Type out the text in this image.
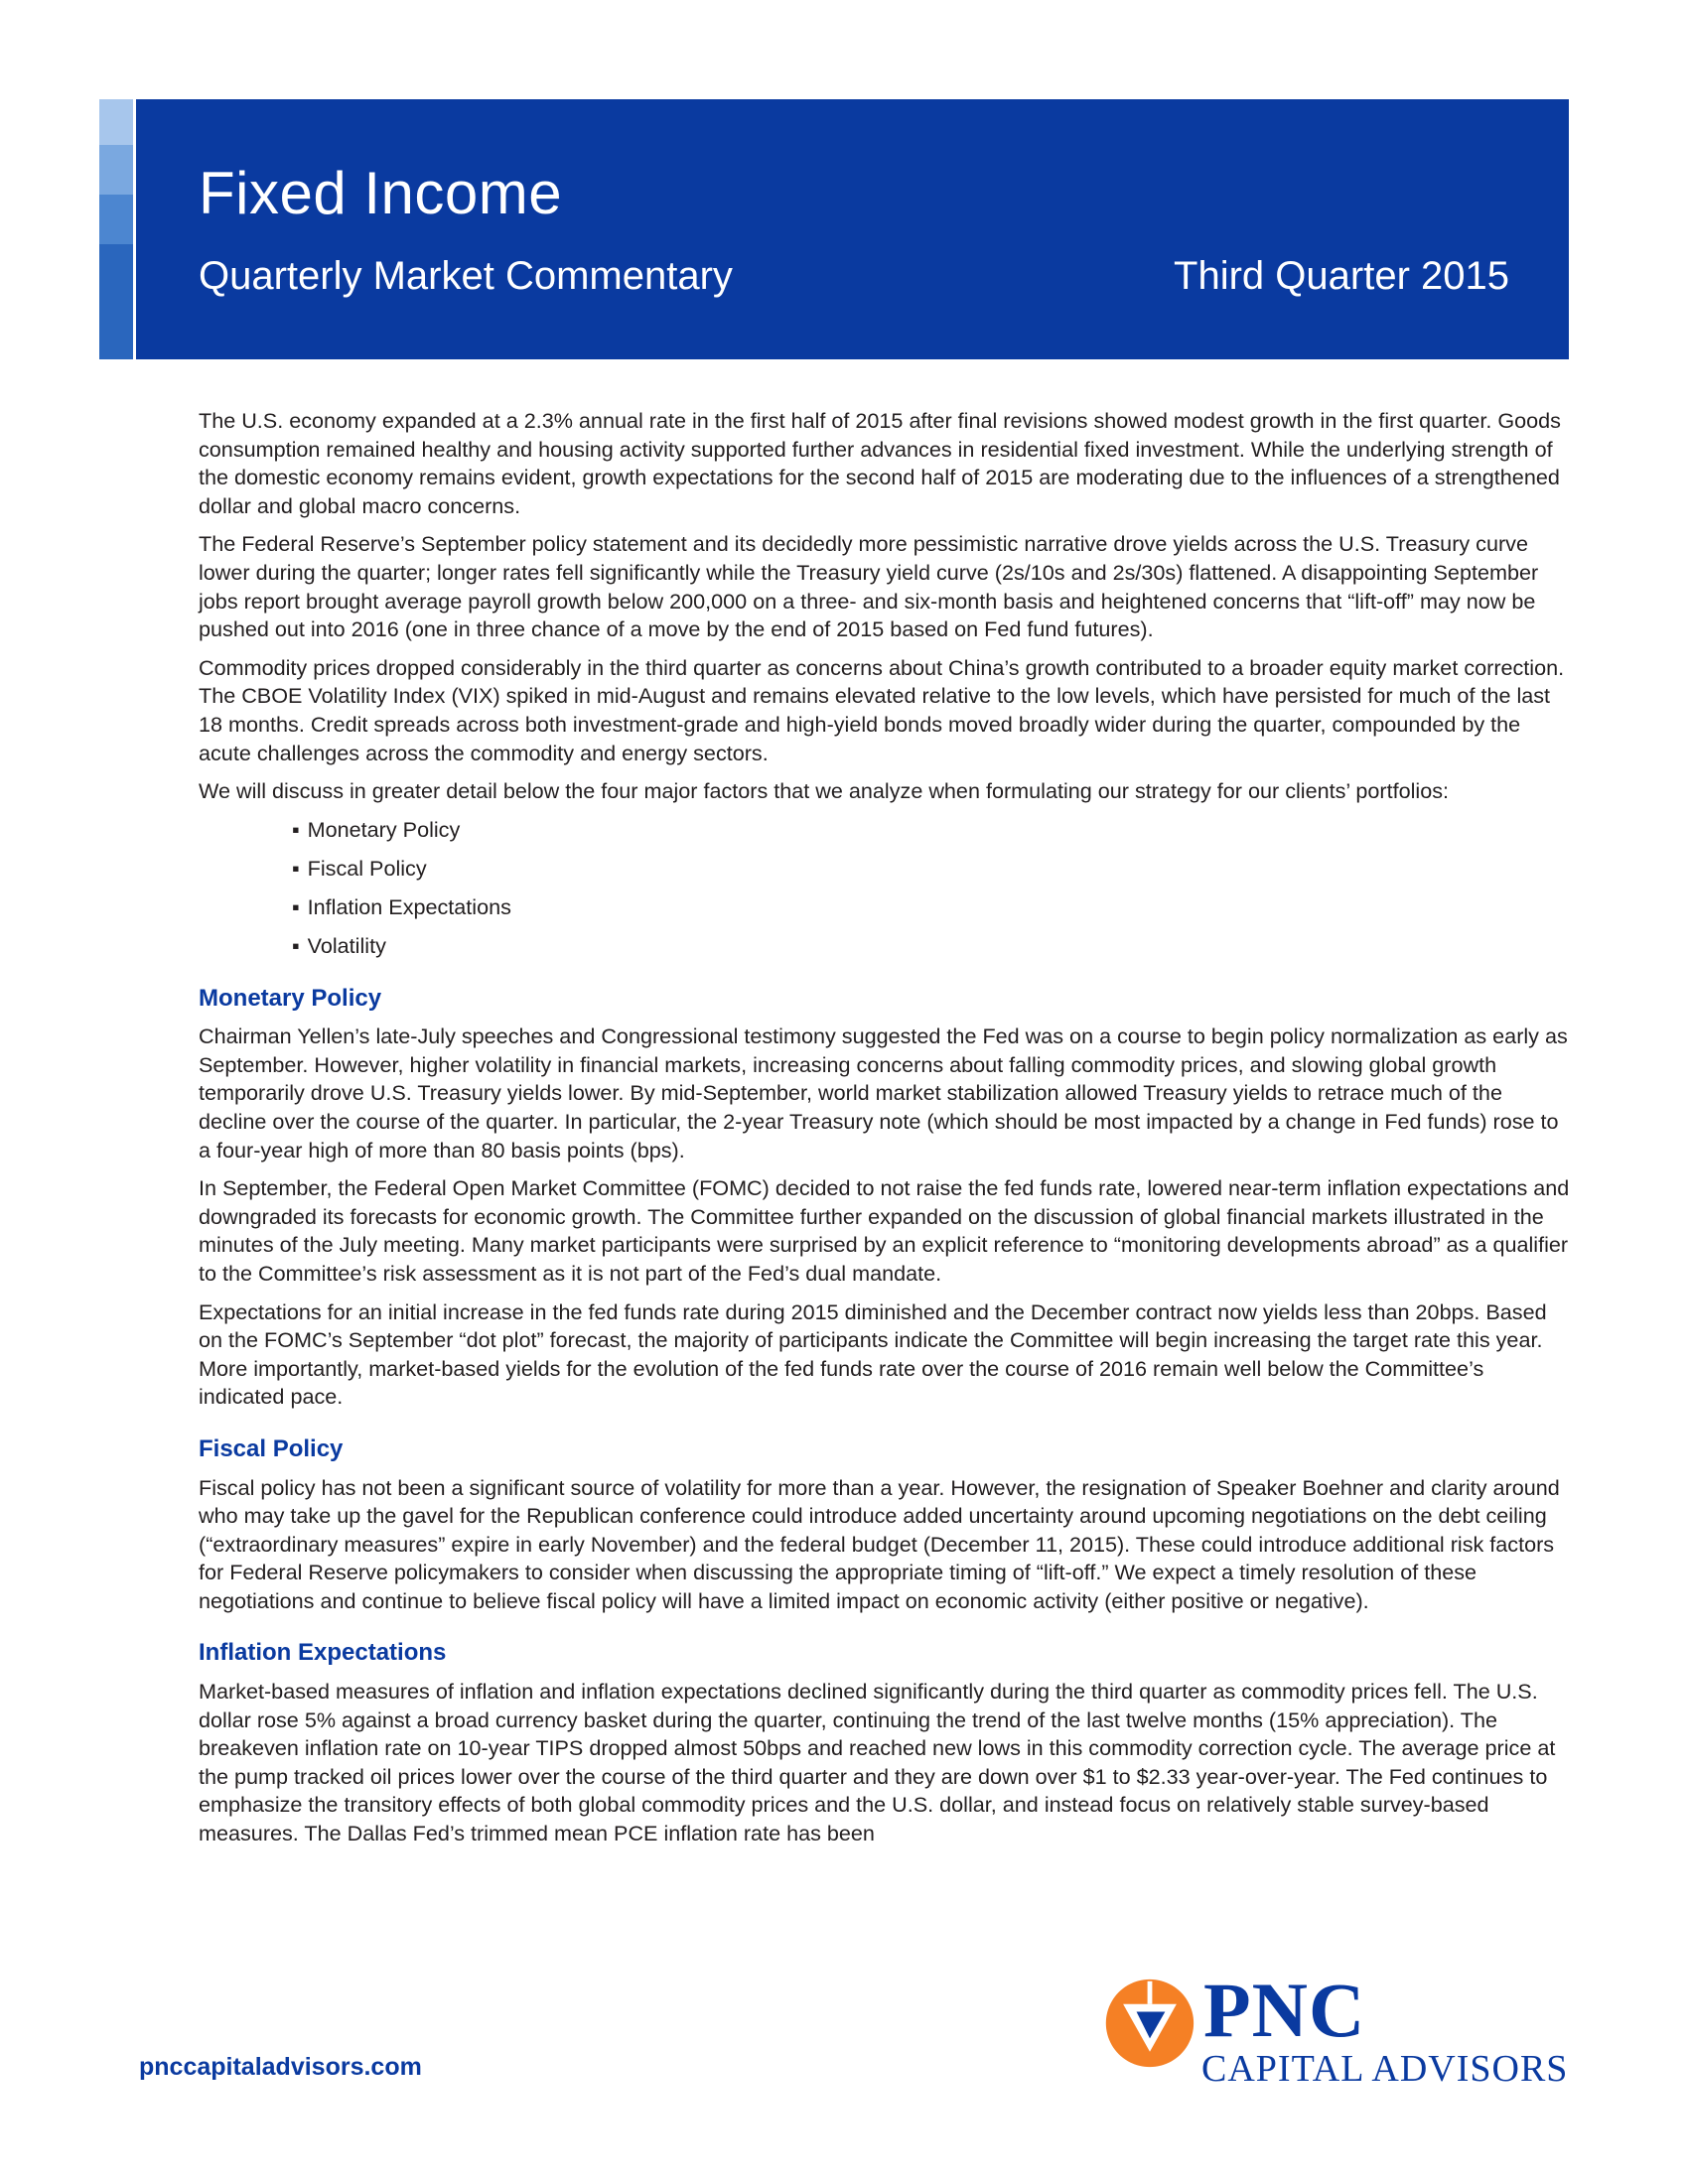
Fixed Income
Quarterly Market Commentary	Third Quarter 2015

The U.S. economy expanded at a 2.3% annual rate in the first half of 2015 after final revisions showed modest growth in the first quarter. Goods consumption remained healthy and housing activity supported further advances in residential fixed investment. While the underlying strength of the domestic economy remains evident, growth expectations for the second half of 2015 are moderating due to the influences of a strengthened dollar and global macro concerns.

The Federal Reserve’s September policy statement and its decidedly more pessimistic narrative drove yields across the U.S. Treasury curve lower during the quarter; longer rates fell significantly while the Treasury yield curve (2s/10s and 2s/30s) flattened. A disappointing September jobs report brought average payroll growth below 200,000 on a three- and six-month basis and heightened concerns that “lift-off” may now be pushed out into 2016 (one in three chance of a move by the end of 2015 based on Fed fund futures).

Commodity prices dropped considerably in the third quarter as concerns about China’s growth contributed to a broader equity market correction. The CBOE Volatility Index (VIX) spiked in mid-August and remains elevated relative to the low levels, which have persisted for much of the last 18 months. Credit spreads across both investment-grade and high-yield bonds moved broadly wider during the quarter, compounded by the acute challenges across the commodity and energy sectors.

We will discuss in greater detail below the four major factors that we analyze when formulating our strategy for our clients’ portfolios:

▪ Monetary Policy
▪ Fiscal Policy
▪ Inflation Expectations
▪ Volatility
Monetary Policy

Chairman Yellen’s late-July speeches and Congressional testimony suggested the Fed was on a course to begin policy normalization as early as September. However, higher volatility in financial markets, increasing concerns about falling commodity prices, and slowing global growth temporarily drove U.S. Treasury yields lower. By mid-September, world market stabilization allowed Treasury yields to retrace much of the decline over the course of the quarter. In particular, the 2-year Treasury note (which should be most impacted by a change in Fed funds) rose to a four-year high of more than 80 basis points (bps).

In September, the Federal Open Market Committee (FOMC) decided to not raise the fed funds rate, lowered near-term inflation expectations and downgraded its forecasts for economic growth. The Committee further expanded on the discussion of global financial markets illustrated in the minutes of the July meeting. Many market participants were surprised by an explicit reference to “monitoring developments abroad” as a qualifier to the Committee’s risk assessment as it is not part of the Fed’s dual mandate.

Expectations for an initial increase in the fed funds rate during 2015 diminished and the December contract now yields less than 20bps. Based on the FOMC’s September “dot plot” forecast, the majority of participants indicate the Committee will begin increasing the target rate this year. More importantly, market-based yields for the evolution of the fed funds rate over the course of 2016 remain well below the Committee’s indicated pace.

Fiscal Policy

Fiscal policy has not been a significant source of volatility for more than a year. However, the resignation of Speaker Boehner and clarity around who may take up the gavel for the Republican conference could introduce added uncertainty around upcoming negotiations on the debt ceiling (“extraordinary measures” expire in early November) and the federal budget (December 11, 2015). These could introduce additional risk factors for Federal Reserve policymakers to consider when discussing the appropriate timing of “lift-off.” We expect a timely resolution of these negotiations and continue to believe fiscal policy will have a limited impact on economic activity (either positive or negative).

Inflation Expectations

Market-based measures of inflation and inflation expectations declined significantly during the third quarter as commodity prices fell. The U.S. dollar rose 5% against a broad currency basket during the quarter, continuing the trend of the last twelve months (15% appreciation). The breakeven inflation rate on 10-year TIPS dropped almost 50bps and reached new lows in this commodity correction cycle. The average price at the pump tracked oil prices lower over the course of the third quarter and they are down over $1 to $2.33 year-over-year. The Fed continues to emphasize the transitory effects of both global commodity prices and the U.S. dollar, and instead focus on relatively stable survey-based measures. The Dallas Fed’s trimmed mean PCE inflation rate has been

pnccapitaladvisors.com
PNC
CAPITAL ADVISORS
